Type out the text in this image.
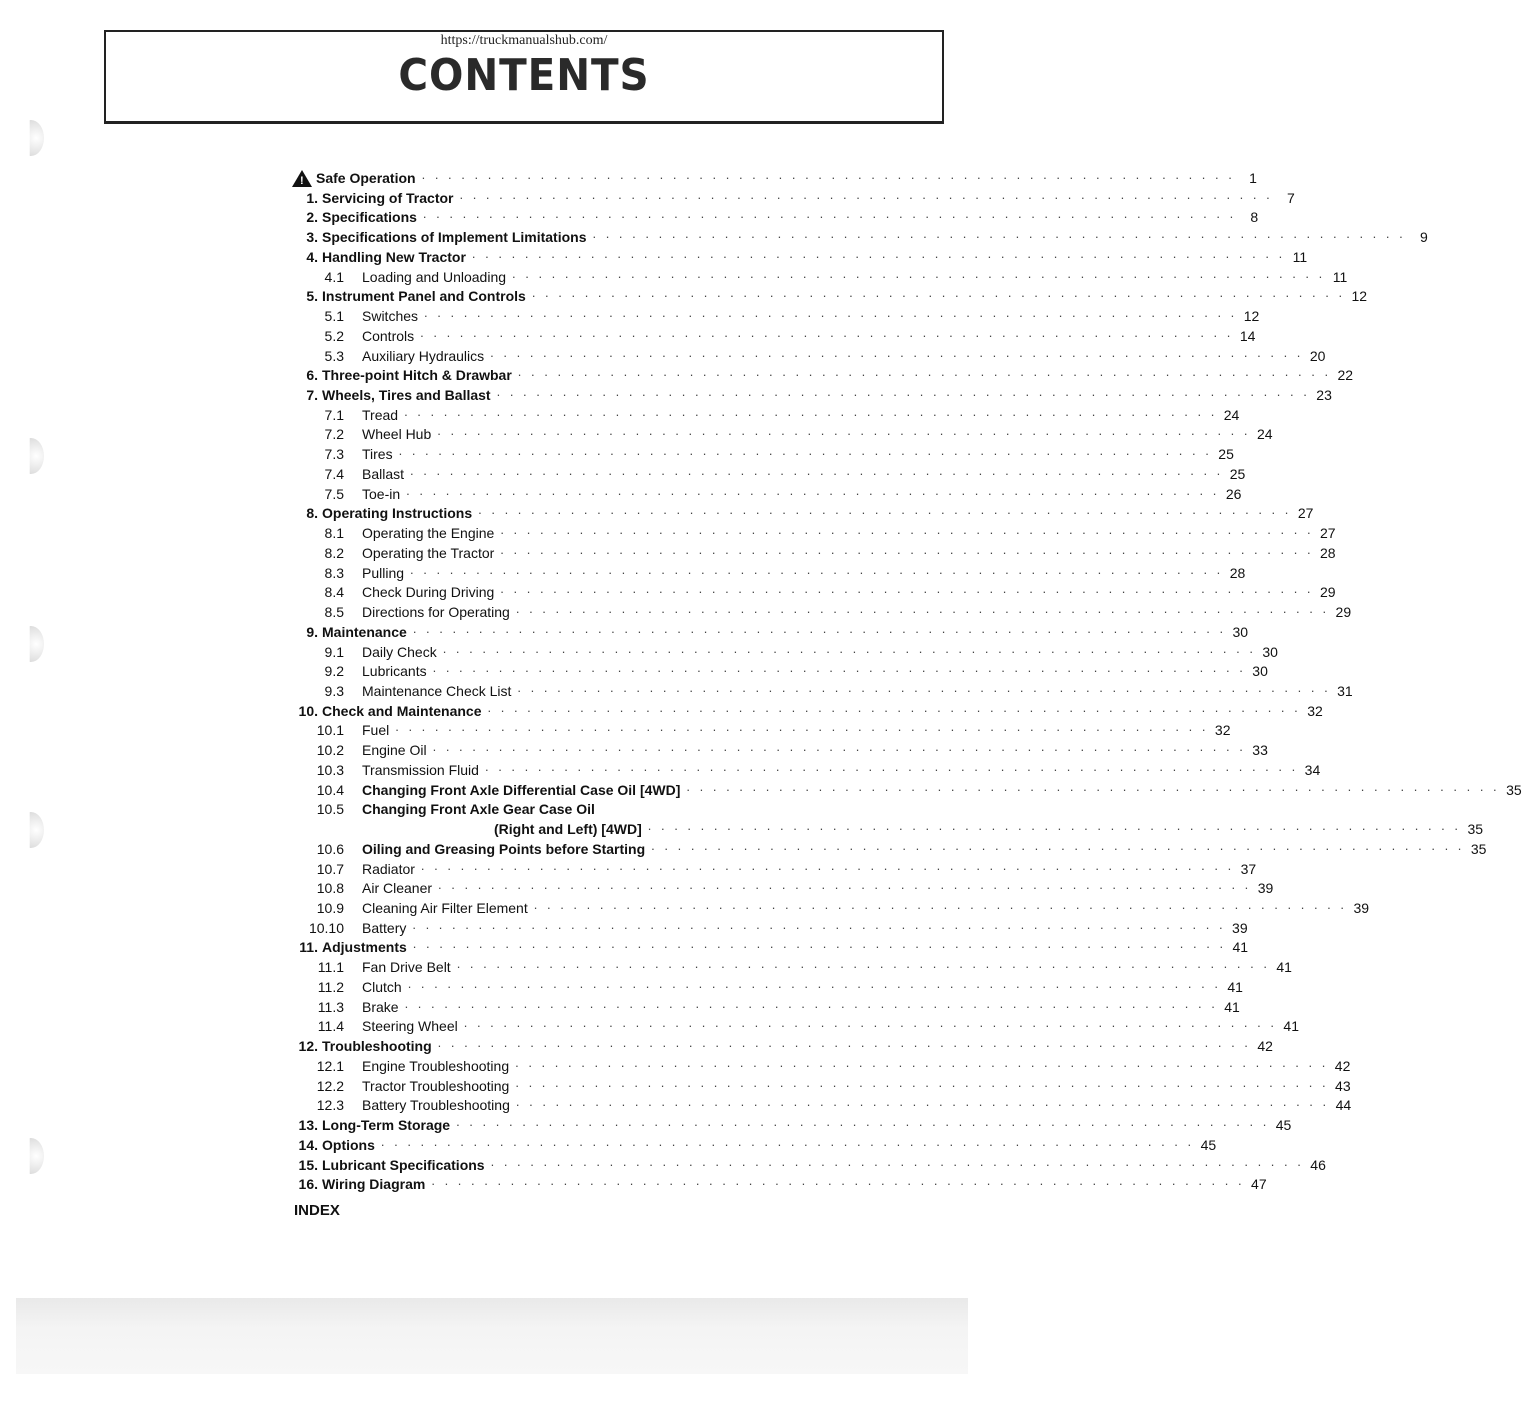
https://truckmanualshub.com/
CONTENTS
! Safe Operation . . . . . . . . . . . . . . . . . . . . . . . . . . . . . . . . . . . . . . . . . . . . . . . . . . . . . . . . . . . . . .	1
1. Servicing of Tractor . . . . . . . . . . . . . . . . . . . . . . . . . . . . . . . . . . . . . . . . . . . . . . . . . . . . . . . . . . . . . .	7
2. Specifications . . . . . . . . . . . . . . . . . . . . . . . . . . . . . . . . . . . . . . . . . . . . . . . . . . . . . . . . . . . . . .	8
3. Specifications of Implement Limitations . . . . . . . . . . . . . . . . . . . . . . . . . . . . . . . . . . . . . . . . . . . . . . . . . . . . . . . . . . . . . .	9
4. Handling New Tractor . . . . . . . . . . . . . . . . . . . . . . . . . . . . . . . . . . . . . . . . . . . . . . . . . . . . . . . . . . . . . . 11
4.1 Loading and Unloading . . . . . . . . . . . . . . . . . . . . . . . . . . . . . . . . . . . . . . . . . . . . . . . . . . . . . . . . . . . . . . 11
5. Instrument Panel and Controls . . . . . . . . . . . . . . . . . . . . . . . . . . . . . . . . . . . . . . . . . . . . . . . . . . . . . . . . . . . . . . 12
5.1 Switches . . . . . . . . . . . . . . . . . . . . . . . . . . . . . . . . . . . . . . . . . . . . . . . . . . . . . . . . . . . . . . 12
5.2 Controls . . . . . . . . . . . . . . . . . . . . . . . . . . . . . . . . . . . . . . . . . . . . . . . . . . . . . . . . . . . . . . 14
5.3 Auxiliary Hydraulics . . . . . . . . . . . . . . . . . . . . . . . . . . . . . . . . . . . . . . . . . . . . . . . . . . . . . . . . . . . . . . 20
6. Three-point Hitch & Drawbar . . . . . . . . . . . . . . . . . . . . . . . . . . . . . . . . . . . . . . . . . . . . . . . . . . . . . . . . . . . . . . 22
7. Wheels, Tires and Ballast . . . . . . . . . . . . . . . . . . . . . . . . . . . . . . . . . . . . . . . . . . . . . . . . . . . . . . . . . . . . . . 23
7.1 Tread . . . . . . . . . . . . . . . . . . . . . . . . . . . . . . . . . . . . . . . . . . . . . . . . . . . . . . . . . . . . . . 24
7.2 Wheel Hub . . . . . . . . . . . . . . . . . . . . . . . . . . . . . . . . . . . . . . . . . . . . . . . . . . . . . . . . . . . . . . 24
7.3 Tires . . . . . . . . . . . . . . . . . . . . . . . . . . . . . . . . . . . . . . . . . . . . . . . . . . . . . . . . . . . . . . 25
7.4 Ballast . . . . . . . . . . . . . . . . . . . . . . . . . . . . . . . . . . . . . . . . . . . . . . . . . . . . . . . . . . . . . . 25
7.5 Toe-in . . . . . . . . . . . . . . . . . . . . . . . . . . . . . . . . . . . . . . . . . . . . . . . . . . . . . . . . . . . . . . 26
8. Operating Instructions . . . . . . . . . . . . . . . . . . . . . . . . . . . . . . . . . . . . . . . . . . . . . . . . . . . . . . . . . . . . . . 27
8.1 Operating the Engine . . . . . . . . . . . . . . . . . . . . . . . . . . . . . . . . . . . . . . . . . . . . . . . . . . . . . . . . . . . . . . 27
8.2 Operating the Tractor . . . . . . . . . . . . . . . . . . . . . . . . . . . . . . . . . . . . . . . . . . . . . . . . . . . . . . . . . . . . . . 28
8.3 Pulling . . . . . . . . . . . . . . . . . . . . . . . . . . . . . . . . . . . . . . . . . . . . . . . . . . . . . . . . . . . . . . 28
8.4 Check During Driving . . . . . . . . . . . . . . . . . . . . . . . . . . . . . . . . . . . . . . . . . . . . . . . . . . . . . . . . . . . . . . 29
8.5 Directions for Operating . . . . . . . . . . . . . . . . . . . . . . . . . . . . . . . . . . . . . . . . . . . . . . . . . . . . . . . . . . . . . . 29
9. Maintenance . . . . . . . . . . . . . . . . . . . . . . . . . . . . . . . . . . . . . . . . . . . . . . . . . . . . . . . . . . . . . . 30
9.1 Daily Check . . . . . . . . . . . . . . . . . . . . . . . . . . . . . . . . . . . . . . . . . . . . . . . . . . . . . . . . . . . . . . 30
9.2 Lubricants . . . . . . . . . . . . . . . . . . . . . . . . . . . . . . . . . . . . . . . . . . . . . . . . . . . . . . . . . . . . . . 30
9.3 Maintenance Check List . . . . . . . . . . . . . . . . . . . . . . . . . . . . . . . . . . . . . . . . . . . . . . . . . . . . . . . . . . . . . . 31
10. Check and Maintenance . . . . . . . . . . . . . . . . . . . . . . . . . . . . . . . . . . . . . . . . . . . . . . . . . . . . . . . . . . . . . . 32
10.1 Fuel . . . . . . . . . . . . . . . . . . . . . . . . . . . . . . . . . . . . . . . . . . . . . . . . . . . . . . . . . . . . . . 32
10.2 Engine Oil . . . . . . . . . . . . . . . . . . . . . . . . . . . . . . . . . . . . . . . . . . . . . . . . . . . . . . . . . . . . . . 33
10.3 Transmission Fluid . . . . . . . . . . . . . . . . . . . . . . . . . . . . . . . . . . . . . . . . . . . . . . . . . . . . . . . . . . . . . . 34
10.4 Changing Front Axle Differential Case Oil [4WD] . . . . . . . . . . . . . . . . . . . . . . . . . . . . . . . . . . . . . . . . . . . . . . . . . . . . . . . . . . . . . . 35
10.5 Changing Front Axle Gear Case Oil
(Right and Left) [4WD] . . . . . . . . . . . . . . . . . . . . . . . . . . . . . . . . . . . . . . . . . . . . . . . . . . . . . . . . . . . . . . 35
10.6 Oiling and Greasing Points before Starting . . . . . . . . . . . . . . . . . . . . . . . . . . . . . . . . . . . . . . . . . . . . . . . . . . . . . . . . . . . . . . 35
10.7 Radiator . . . . . . . . . . . . . . . . . . . . . . . . . . . . . . . . . . . . . . . . . . . . . . . . . . . . . . . . . . . . . . 37
10.8 Air Cleaner . . . . . . . . . . . . . . . . . . . . . . . . . . . . . . . . . . . . . . . . . . . . . . . . . . . . . . . . . . . . . . 39
10.9 Cleaning Air Filter Element . . . . . . . . . . . . . . . . . . . . . . . . . . . . . . . . . . . . . . . . . . . . . . . . . . . . . . . . . . . . . . 39
10.10 Battery . . . . . . . . . . . . . . . . . . . . . . . . . . . . . . . . . . . . . . . . . . . . . . . . . . . . . . . . . . . . . . 39
11. Adjustments . . . . . . . . . . . . . . . . . . . . . . . . . . . . . . . . . . . . . . . . . . . . . . . . . . . . . . . . . . . . . . 41
11.1 Fan Drive Belt . . . . . . . . . . . . . . . . . . . . . . . . . . . . . . . . . . . . . . . . . . . . . . . . . . . . . . . . . . . . . . 41
11.2 Clutch . . . . . . . . . . . . . . . . . . . . . . . . . . . . . . . . . . . . . . . . . . . . . . . . . . . . . . . . . . . . . . 41
11.3 Brake . . . . . . . . . . . . . . . . . . . . . . . . . . . . . . . . . . . . . . . . . . . . . . . . . . . . . . . . . . . . . . 41
11.4 Steering Wheel . . . . . . . . . . . . . . . . . . . . . . . . . . . . . . . . . . . . . . . . . . . . . . . . . . . . . . . . . . . . . . 41
12. Troubleshooting . . . . . . . . . . . . . . . . . . . . . . . . . . . . . . . . . . . . . . . . . . . . . . . . . . . . . . . . . . . . . . 42
12.1 Engine Troubleshooting . . . . . . . . . . . . . . . . . . . . . . . . . . . . . . . . . . . . . . . . . . . . . . . . . . . . . . . . . . . . . . 42
12.2 Tractor Troubleshooting . . . . . . . . . . . . . . . . . . . . . . . . . . . . . . . . . . . . . . . . . . . . . . . . . . . . . . . . . . . . . . 43
12.3 Battery Troubleshooting . . . . . . . . . . . . . . . . . . . . . . . . . . . . . . . . . . . . . . . . . . . . . . . . . . . . . . . . . . . . . . 44
13. Long-Term Storage . . . . . . . . . . . . . . . . . . . . . . . . . . . . . . . . . . . . . . . . . . . . . . . . . . . . . . . . . . . . . . 45
14. Options . . . . . . . . . . . . . . . . . . . . . . . . . . . . . . . . . . . . . . . . . . . . . . . . . . . . . . . . . . . . . . 45
15. Lubricant Specifications . . . . . . . . . . . . . . . . . . . . . . . . . . . . . . . . . . . . . . . . . . . . . . . . . . . . . . . . . . . . . . 46
16. Wiring Diagram . . . . . . . . . . . . . . . . . . . . . . . . . . . . . . . . . . . . . . . . . . . . . . . . . . . . . . . . . . . . . . 47
INDEX
